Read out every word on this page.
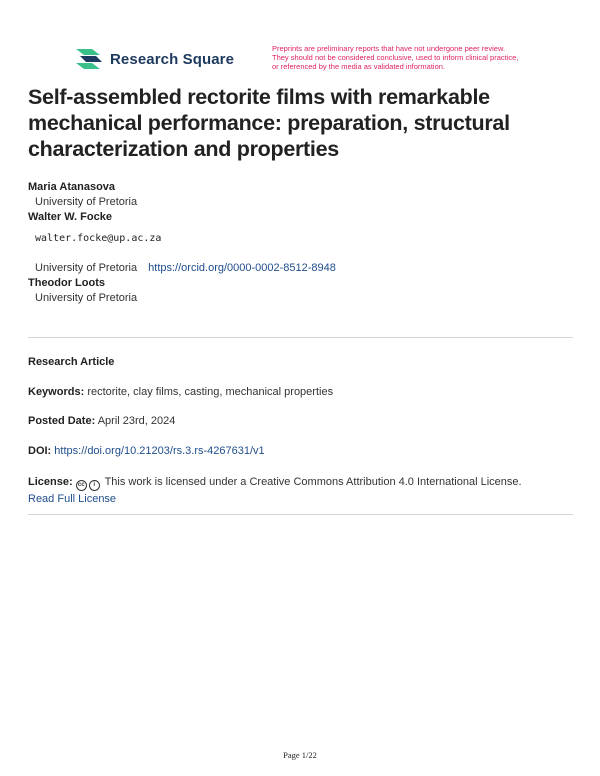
Research Square
Preprints are preliminary reports that have not undergone peer review.
They should not be considered conclusive, used to inform clinical practice,
or referenced by the media as validated information.
Self-assembled rectorite films with remarkable
mechanical performance: preparation, structural
characterization and properties
Maria Atanasova
University of Pretoria
Walter W. Focke
walter.focke@up.ac.za
University of Pretoria https://orcid.org/0000-0002-8512-8948
Theodor Loots
University of Pretoria
Research Article
Keywords: rectorite, clay films, casting, mechanical properties
Posted Date: April 23rd, 2024
DOI: https://doi.org/10.21203/rs.3.rs-4267631/v1
License: cc i This work is licensed under a Creative Commons Attribution 4.0 International License.
Read Full License
Page 1/22
